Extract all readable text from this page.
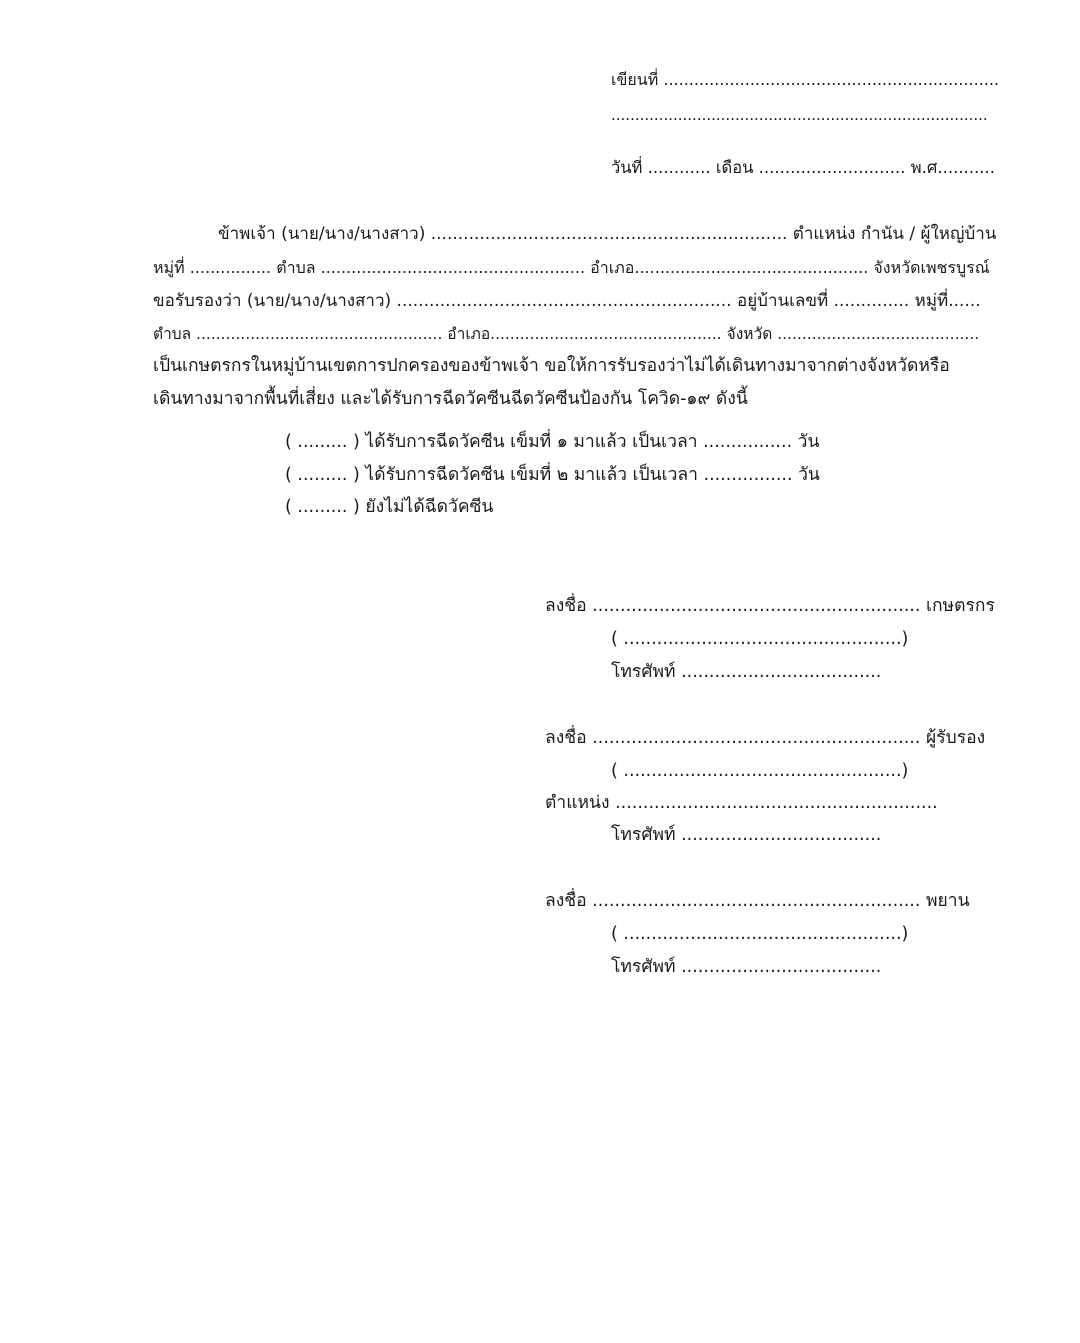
เขียนที่ ..................................................................
...............................................................................
วันที่ ............ เดือน ............................ พ.ศ...........
ข้าพเจ้า (นาย/นาง/นางสาว) .................................................................. ตำแหน่ง กำนัน / ผู้ใหญ่บ้าน
หมู่ที่ ................ ตำบล .................................................... อำเภอ.............................................. จังหวัดเพชรบูรณ์
ขอรับรองว่า (นาย/นาง/นางสาว) .............................................................. อยู่บ้านเลขที่ .............. หมู่ที่......
ตำบล .................................................. อำเภอ............................................... จังหวัด .........................................
เป็นเกษตรกรในหมู่บ้านเขตการปกครองของข้าพเจ้า ขอให้การรับรองว่าไม่ได้เดินทางมาจากต่างจังหวัดหรือ
เดินทางมาจากพื้นที่เสี่ยง และได้รับการฉีดวัคซีนฉีดวัคซีนป้องกัน โควิด-๑๙ ดังนี้
( ......... ) ได้รับการฉีดวัคซีน เข็มที่ ๑ มาแล้ว เป็นเวลา ................ วัน
( ......... ) ได้รับการฉีดวัคซีน เข็มที่ ๒ มาแล้ว เป็นเวลา ................ วัน
( ......... ) ยังไม่ได้ฉีดวัคซีน
ลงชื่อ ........................................................... เกษตรกร
( ..................................................)
โทรศัพท์ ....................................
ลงชื่อ ........................................................... ผู้รับรอง
( ..................................................)
ตำแหน่ง ..........................................................
โทรศัพท์ ....................................
ลงชื่อ ........................................................... พยาน
( ..................................................)
โทรศัพท์ ....................................
